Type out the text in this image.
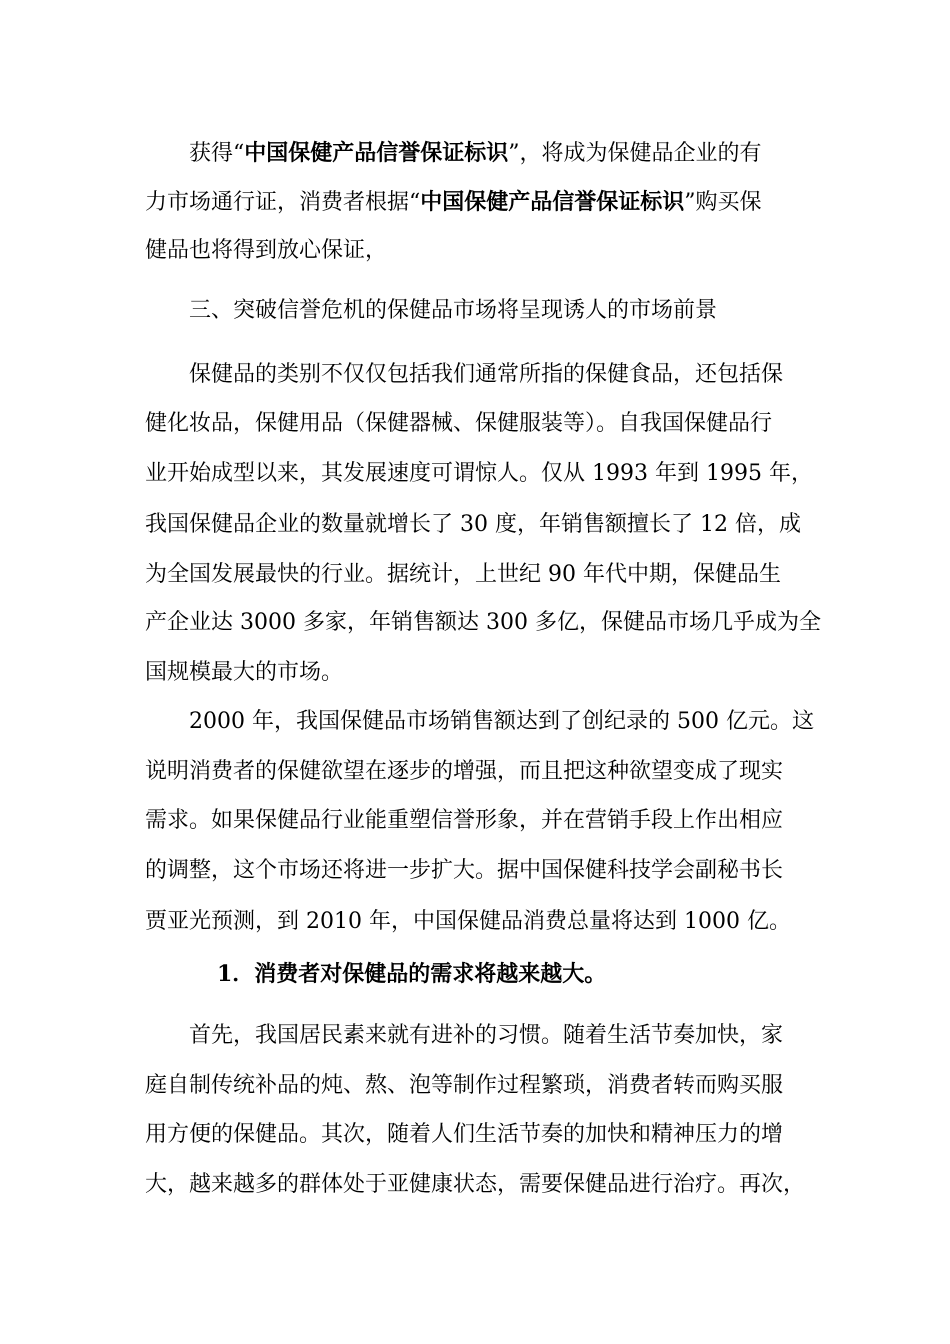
获得“中国保健产品信誉保证标识”，将成为保健品企业的有
力市场通行证，消费者根据“中国保健产品信誉保证标识”购买保
健品也将得到放心保证，
三、突破信誉危机的保健品市场将呈现诱人的市场前景
保健品的类别不仅仅包括我们通常所指的保健食品，还包括保
健化妆品，保健用品（保健器械、保健服装等）。自我国保健品行
业开始成型以来，其发展速度可谓惊人。仅从 1993 年到 1995 年，
我国保健品企业的数量就增长了 30 度，年销售额擅长了 12 倍，成
为全国发展最快的行业。据统计，上世纪 90 年代中期，保健品生
产企业达 3000 多家，年销售额达 300 多亿，保健品市场几乎成为全
国规模最大的市场。
2000 年，我国保健品市场销售额达到了创纪录的 500 亿元。这
说明消费者的保健欲望在逐步的增强，而且把这种欲望变成了现实
需求。如果保健品行业能重塑信誉形象，并在营销手段上作出相应
的调整，这个市场还将进一步扩大。据中国保健科技学会副秘书长
贾亚光预测，到 2010 年，中国保健品消费总量将达到 1000 亿。
1．消费者对保健品的需求将越来越大。
首先，我国居民素来就有进补的习惯。随着生活节奏加快，家
庭自制传统补品的炖、熬、泡等制作过程繁琐，消费者转而购买服
用方便的保健品。其次，随着人们生活节奏的加快和精神压力的增
大，越来越多的群体处于亚健康状态，需要保健品进行治疗。再次，
